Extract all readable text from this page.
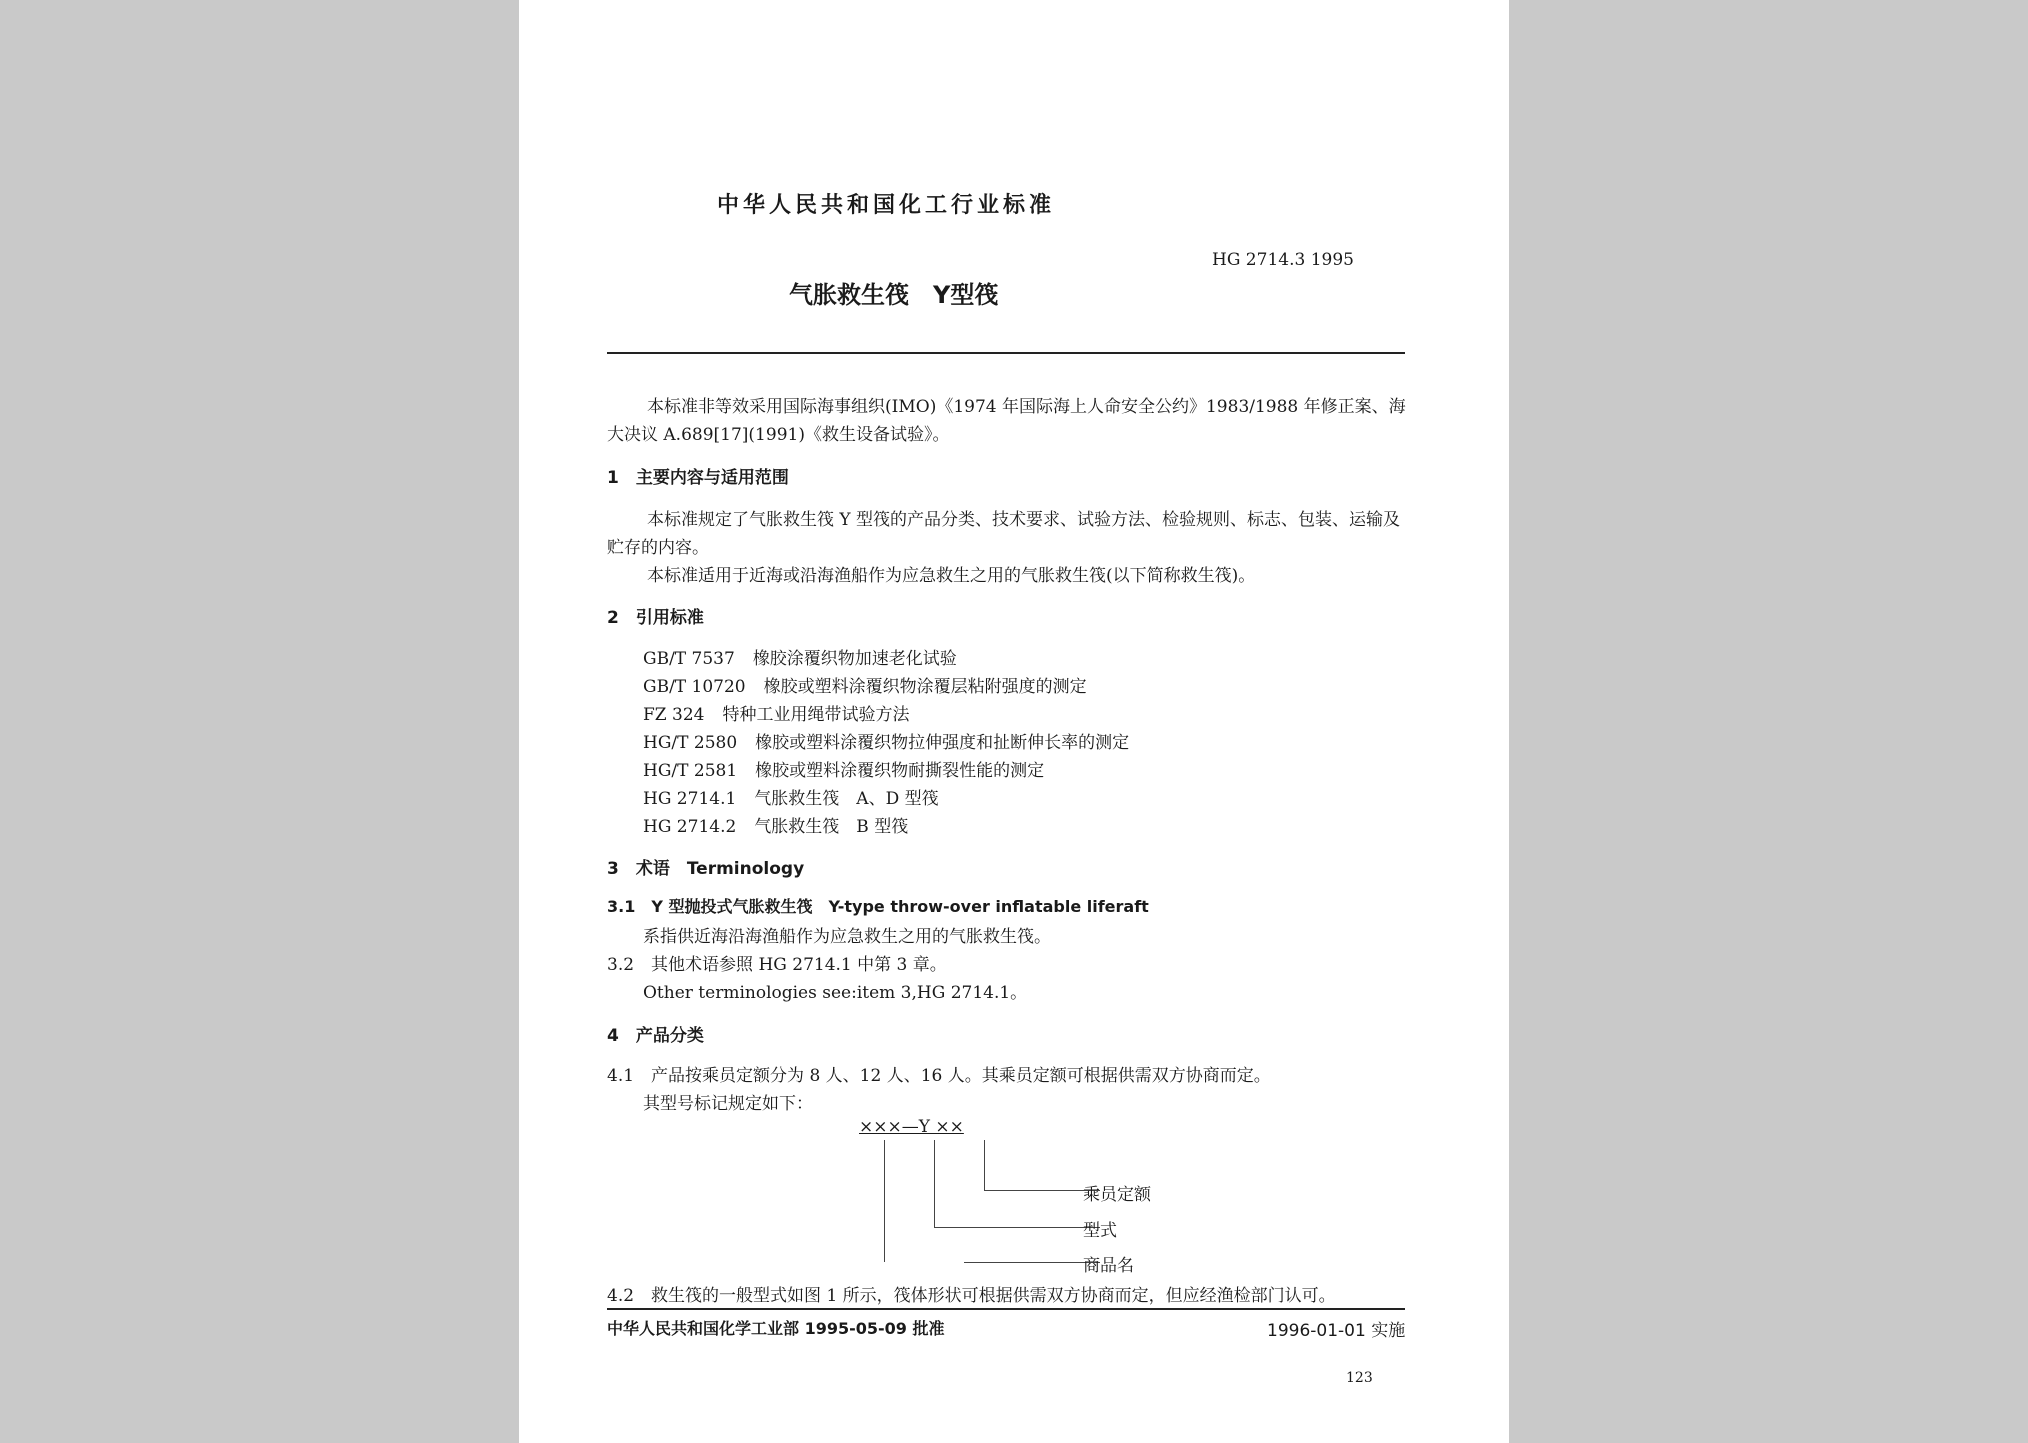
中华人民共和国化工行业标准
HG 2714.3 1995
气胀救生筏　Y型筏
本标准非等效采用国际海事组织(IMO)《1974 年国际海上人命安全公约》1983/1988 年修正案、海
大决议 A.689[17](1991)《救生设备试验》。
1　主要内容与适用范围
本标准规定了气胀救生筏 Y 型筏的产品分类、技术要求、试验方法、检验规则、标志、包装、运输及
贮存的内容。
本标准适用于近海或沿海渔船作为应急救生之用的气胀救生筏(以下简称救生筏)。
2　引用标准
GB/T 7537 橡胶涂覆织物加速老化试验
GB/T 10720 橡胶或塑料涂覆织物涂覆层粘附强度的测定
FZ 324 特种工业用绳带试验方法
HG/T 2580 橡胶或塑料涂覆织物拉伸强度和扯断伸长率的测定
HG/T 2581 橡胶或塑料涂覆织物耐撕裂性能的测定
HG 2714.1 气胀救生筏　A、D 型筏
HG 2714.2 气胀救生筏　B 型筏
3　术语　Terminology
3.1　Y 型抛投式气胀救生筏　Y-type throw-over inflatable liferaft
系指供近海沿海渔船作为应急救生之用的气胀救生筏。
3.2　其他术语参照 HG 2714.1 中第 3 章。
Other terminologies see:item 3,HG 2714.1。
4　产品分类
4.1　产品按乘员定额分为 8 人、12 人、16 人。其乘员定额可根据供需双方协商而定。
其型号标记规定如下：
×××—Y ××
乘员定额
型式
商品名
4.2　救生筏的一般型式如图 1 所示，筏体形状可根据供需双方协商而定，但应经渔检部门认可。
中华人民共和国化学工业部 1995-05-09 批准	1996-01-01 实施
123
